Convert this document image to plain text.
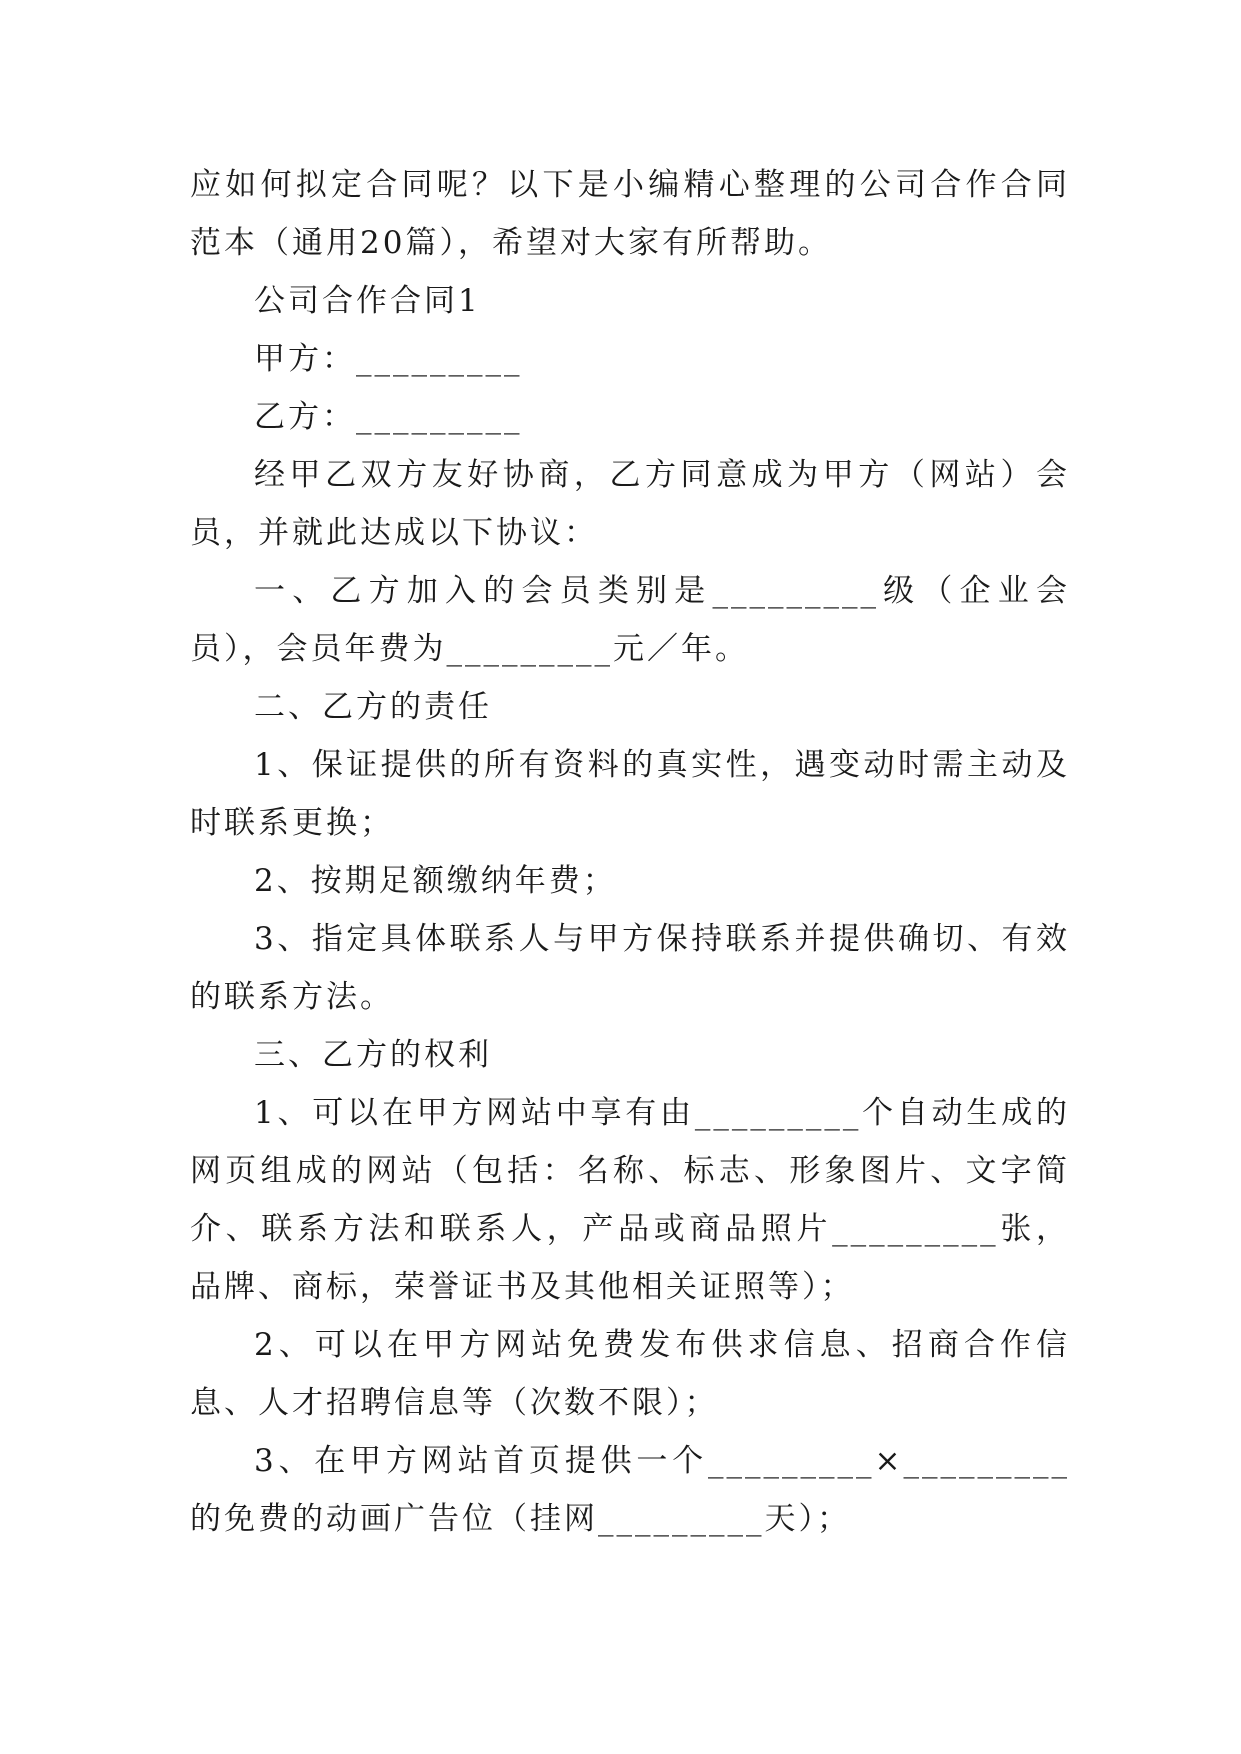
应如何拟定合同呢？以下是小编精心整理的公司合作合同范本（通用20篇），希望对大家有所帮助。

公司合作合同1

甲方：_________

乙方：_________

经甲乙双方友好协商，乙方同意成为甲方（网站）会员，并就此达成以下协议：

一、乙方加入的会员类别是_________级（企业会员），会员年费为_________元／年。

二、乙方的责任

1、保证提供的所有资料的真实性，遇变动时需主动及时联系更换；

2、按期足额缴纳年费；

3、指定具体联系人与甲方保持联系并提供确切、有效的联系方法。

三、乙方的权利

1、可以在甲方网站中享有由_________个自动生成的网页组成的网站（包括：名称、标志、形象图片、文字简介、联系方法和联系人，产品或商品照片_________张，品牌、商标，荣誉证书及其他相关证照等）；

2、可以在甲方网站免费发布供求信息、招商合作信息、人才招聘信息等（次数不限）；

3、在甲方网站首页提供一个_________×_________的免费的动画广告位（挂网_________天）；
